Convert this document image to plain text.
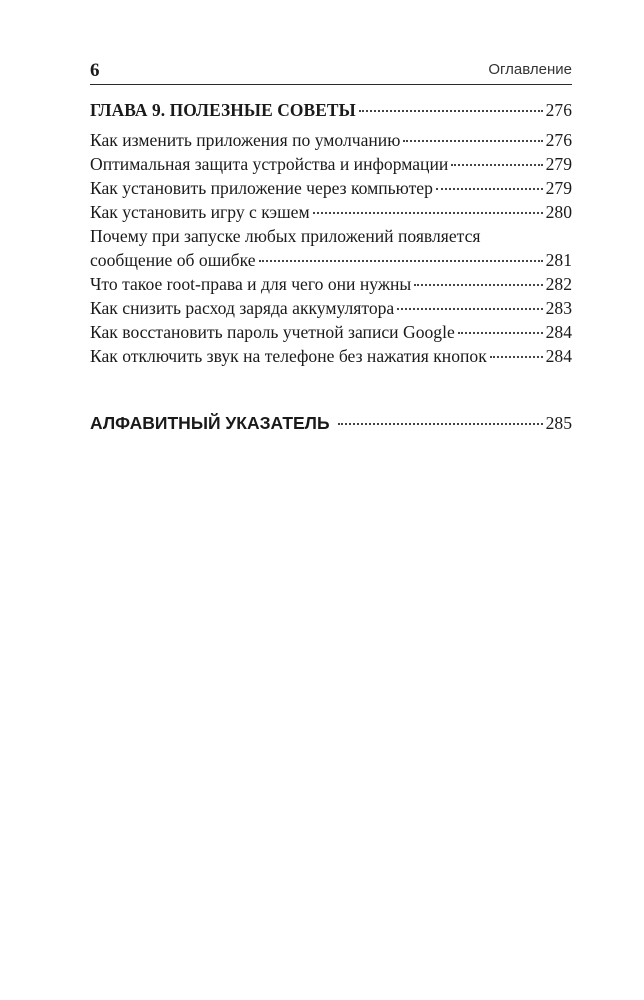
6	Оглавление
ГЛАВА 9. ПОЛЕЗНЫЕ СОВЕТЫ	276
Как изменить приложения по умолчанию	276
Оптимальная защита устройства и информации	279
Как установить приложение через компьютер	279
Как установить игру с кэшем	280
Почему при запуске любых приложений появляется
сообщение об ошибке	281
Что такое root-права и для чего они нужны	282
Как снизить расход заряда аккумулятора	283
Как восстановить пароль учетной записи Google	284
Как отключить звук на телефоне без нажатия кнопок	284
АЛФАВИТНЫЙ УКАЗАТЕЛЬ	285
